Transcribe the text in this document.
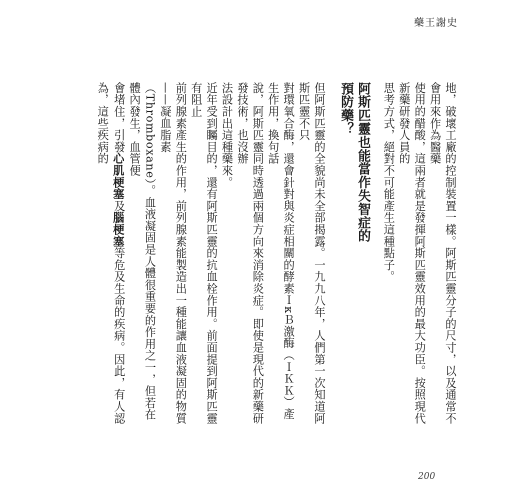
藥王謝史
地，破壞工廠的控制裝置一樣。阿斯匹靈分子的尺寸，以及通常不會用來作為醫藥
使用的醋酸，這兩者就是發揮阿斯匹靈效用的最大功臣。按照現代新藥研發人員的
思考方式，絕對不可能產生這種點子。
阿斯匹靈也能當作失智症的
預防藥？
但阿斯匹靈的全貌尚未全部揭露。一九九八年，人們第一次知道阿斯匹靈不只
對環氧合酶，還會針對與炎症相關的酵素ＩκＢ激酶（ＩＫＫ）產生作用，換句話
說，阿斯匹靈同時透過兩個方向來消除炎症。即使是現代的新藥研發技術，也沒辦
法設計出這種藥來。
近年受到矚目的，還有阿斯匹靈的抗血栓作用。前面提到阿斯匹靈有阻止
前列腺素產生的作用，前列腺素能製造出一種能讓血液凝固的物質——凝血脂素
（Thromboxane）。血液凝固是人體很重要的作用之一，但若在體內發生，血管便
會堵住，引發心肌梗塞及腦梗塞等危及生命的疾病。因此，有人認為，這些疾病的
200
